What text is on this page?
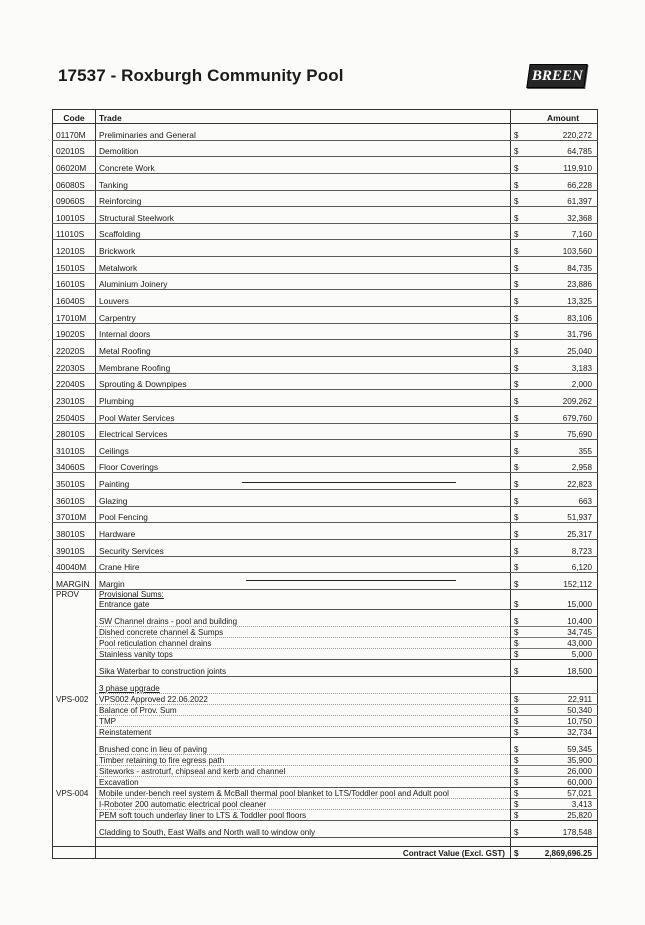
17537 - Roxburgh Community Pool	BREEN
Code	Trade		Amount
01170M	Preliminaries and General	$	220,272
02010S	Demolition	$	64,785
06020M	Concrete Work	$	119,910
06080S	Tanking	$	66,228
09060S	Reinforcing	$	61,397
10010S	Structural Steelwork	$	32,368
11010S	Scaffolding	$	7,160
12010S	Brickwork	$	103,560
15010S	Metalwork	$	84,735
16010S	Aluminium Joinery	$	23,886
16040S	Louvers	$	13,325
17010M	Carpentry	$	83,106
19020S	Internal doors	$	31,796
22020S	Metal Roofing	$	25,040
22030S	Membrane Roofing	$	3,183
22040S	Sprouting & Downpipes	$	2,000
23010S	Plumbing	$	209,262
25040S	Pool Water Services	$	679,760
28010S	Electrical Services	$	75,690
31010S	Ceilings	$	355
34060S	Floor Coverings	$	2,958
35010S	Painting	$	22,823
36010S	Glazing	$	663
37010M	Pool Fencing	$	51,937
38010S	Hardware	$	25,317
39010S	Security Services	$	8,723
40040M	Crane Hire	$	6,120
MARGIN	Margin	$	152,112
PROV	Provisional Sums:		
	Entrance gate	$	15,000

	SW Channel drains - pool and building	$	10,400
	Dished concrete channel & Sumps	$	34,745
	Pool reticulation channel drains	$	43,000
	Stainless vanity tops	$	5,000

	Sika Waterbar to construction joints	$	18,500

	3 phase upgrade		
VPS-002	VPS002 Approved 22.06.2022	$	22,911
	Balance of Prov. Sum	$	50,340
	TMP	$	10,750
	Reinstatement	$	32,734

	Brushed conc in lieu of paving	$	59,345
	Timber retaining to fire egress path	$	35,900
	Siteworks - astroturf, chipseal and kerb and channel	$	26,000
	Excavation	$	60,000
VPS-004	Mobile under-bench reel system & McBall thermal pool blanket to LTS/Toddler pool and Adult pool	$	57,021
	I-Roboter 200 automatic electrical pool cleaner	$	3,413
	PEM soft touch underlay liner to LTS & Toddler pool floors	$	25,820

	Cladding to South, East Walls and North wall to window only	$	178,548

	Contract Value (Excl. GST)	$	2,869,696.25
